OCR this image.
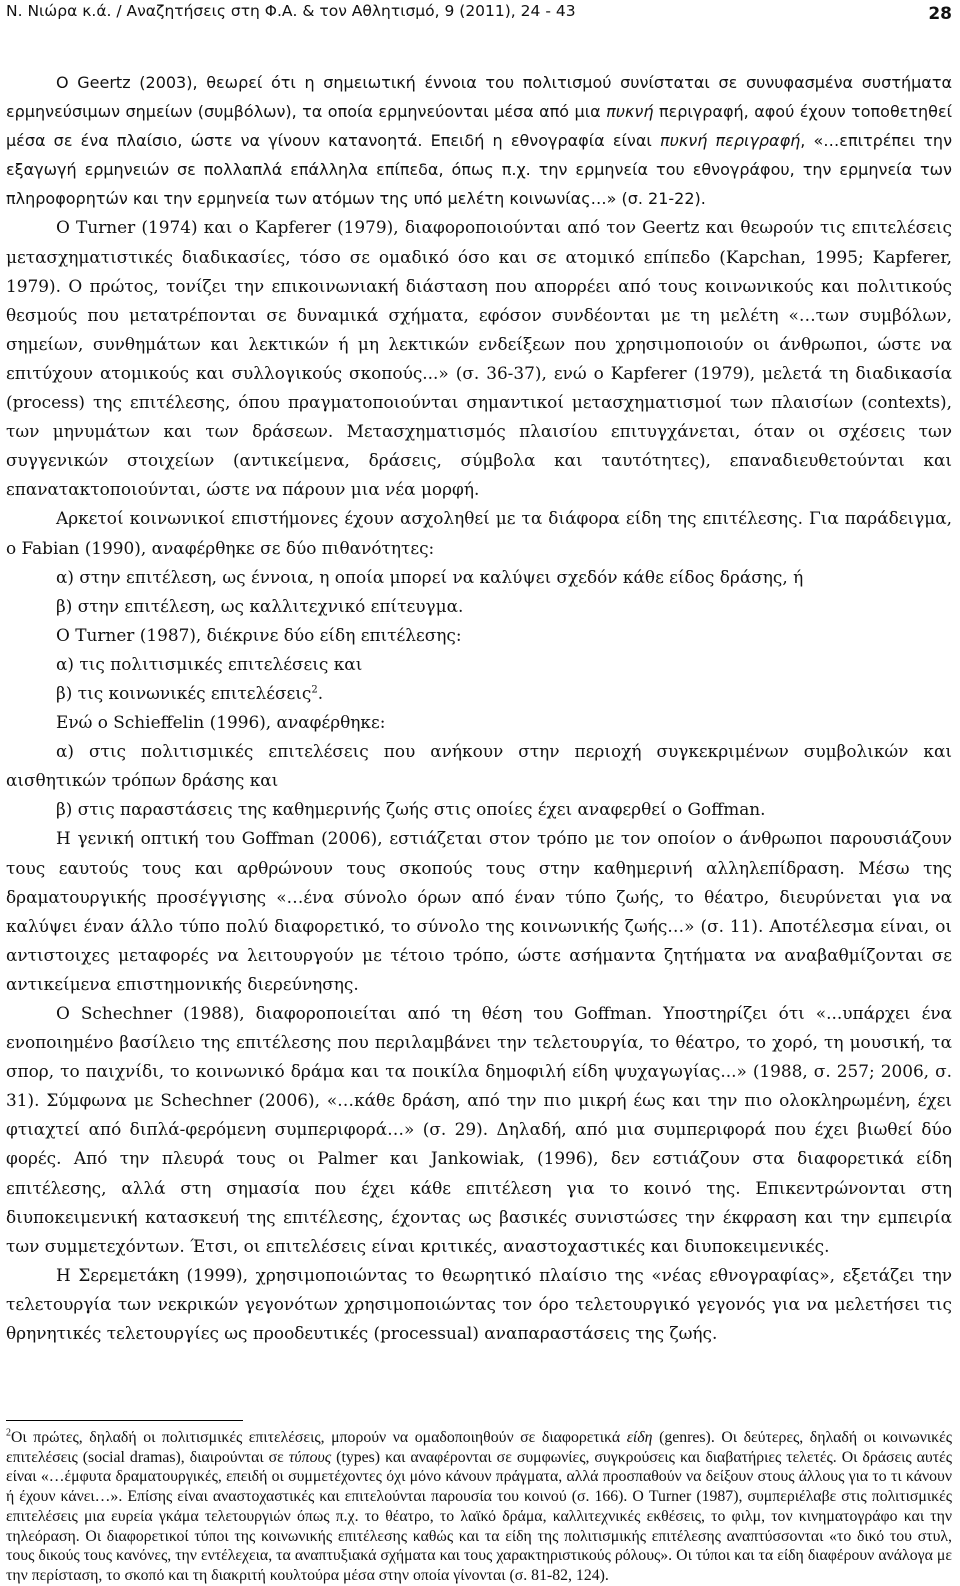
Ν. Νιώρα κ.ά. / Αναζητήσεις στη Φ.Α. & τον Αθλητισμό, 9 (2011), 24 - 43	28

Ο Geertz (2003), θεωρεί ότι η σημειωτική έννοια του πολιτισμού συνίσταται σε συνυφασμένα συστήματα ερμηνεύσιμων σημείων (συμβόλων), τα οποία ερμηνεύονται μέσα από μια πυκνή περιγραφή, αφού έχουν τοποθετηθεί μέσα σε ένα πλαίσιο, ώστε να γίνουν κατανοητά. Επειδή η εθνογραφία είναι πυκνή περιγραφή, «…επιτρέπει την εξαγωγή ερμηνειών σε πολλαπλά επάλληλα επίπεδα, όπως π.χ. την ερμηνεία του εθνογράφου, την ερμηνεία των πληροφορητών και την ερμηνεία των ατόμων της υπό μελέτη κοινωνίας…» (σ. 21-22).

Ο Turner (1974) και ο Kapferer (1979), διαφοροποιούνται από τον Geertz και θεωρούν τις επιτελέσεις μετασχηματιστικές διαδικασίες, τόσο σε ομαδικό όσο και σε ατομικό επίπεδο (Kapchan, 1995; Kapferer, 1979). Ο πρώτος, τονίζει την επικοινωνιακή διάσταση που απορρέει από τους κοινωνικούς και πολιτικούς θεσμούς που μετατρέπονται σε δυναμικά σχήματα, εφόσον συνδέονται με τη μελέτη «…των συμβόλων, σημείων, συνθημάτων και λεκτικών ή μη λεκτικών ενδείξεων που χρησιμοποιούν οι άνθρωποι, ώστε να επιτύχουν ατομικούς και συλλογικούς σκοπούς...» (σ. 36-37), ενώ ο Kapferer (1979), μελετά τη διαδικασία (process) της επιτέλεσης, όπου πραγματοποιούνται σημαντικοί μετασχηματισμοί των πλαισίων (contexts), των μηνυμάτων και των δράσεων. Μετασχηματισμός πλαισίου επιτυγχάνεται, όταν οι σχέσεις των συγγενικών στοιχείων (αντικείμενα, δράσεις, σύμβολα και ταυτότητες), επαναδιευθετούνται και επανατακτοποιούνται, ώστε να πάρουν μια νέα μορφή.

Αρκετοί κοινωνικοί επιστήμονες έχουν ασχοληθεί με τα διάφορα είδη της επιτέλεσης. Για παράδειγμα, ο Fabian (1990), αναφέρθηκε σε δύο πιθανότητες:

α) στην επιτέλεση, ως έννοια, η οποία μπορεί να καλύψει σχεδόν κάθε είδος δράσης, ή

β) στην επιτέλεση, ως καλλιτεχνικό επίτευγμα.

Ο Turner (1987), διέκρινε δύο είδη επιτέλεσης:

α) τις πολιτισμικές επιτελέσεις και

β) τις κοινωνικές επιτελέσεις$^2$.

Ενώ ο Schieffelin (1996), αναφέρθηκε:

α) στις πολιτισμικές επιτελέσεις που ανήκουν στην περιοχή συγκεκριμένων συμβολικών και αισθητικών τρόπων δράσης και

β) στις παραστάσεις της καθημερινής ζωής στις οποίες έχει αναφερθεί ο Goffman.

Η γενική οπτική του Goffman (2006), εστιάζεται στον τρόπο με τον οποίον ο άνθρωποι παρουσιάζουν τους εαυτούς τους και αρθρώνουν τους σκοπούς τους στην καθημερινή αλληλεπίδραση. Μέσω της δραματουργικής προσέγγισης «…ένα σύνολο όρων από έναν τύπο ζωής, το θέατρο, διευρύνεται για να καλύψει έναν άλλο τύπο πολύ διαφορετικό, το σύνολο της κοινωνικής ζωής…» (σ. 11). Αποτέλεσμα είναι, οι αντιστοιχες μεταφορές να λειτουργούν με τέτοιο τρόπο, ώστε ασήμαντα ζητήματα να αναβαθμίζονται σε αντικείμενα επιστημονικής διερεύνησης.

Ο Schechner (1988), διαφοροποιείται από τη θέση του Goffman. Υποστηρίζει ότι «...υπάρχει ένα ενοποιημένο βασίλειο της επιτέλεσης που περιλαμβάνει την τελετουργία, το θέατρο, το χορό, τη μουσική, τα σπορ, το παιχνίδι, το κοινωνικό δράμα και τα ποικίλα δημοφιλή είδη ψυχαγωγίας...» (1988, σ. 257; 2006, σ. 31). Σύμφωνα με Schechner (2006), «…κάθε δράση, από την πιο μικρή έως και την πιο ολοκληρωμένη, έχει φτιαχτεί από διπλά-φερόμενη συμπεριφορά…» (σ. 29). Δηλαδή, από μια συμπεριφορά που έχει βιωθεί δύο φορές. Από την πλευρά τους οι Palmer και Jankowiak, (1996), δεν εστιάζουν στα διαφορετικά είδη επιτέλεσης, αλλά στη σημασία που έχει κάθε επιτέλεση για το κοινό της. Επικεντρώνονται στη διυποκειμενική κατασκευή της επιτέλεσης, έχοντας ως βασικές συνιστώσες την έκφραση και την εμπειρία των συμμετεχόντων. Έτσι, οι επιτελέσεις είναι κριτικές, αναστοχαστικές και διυποκειμενικές.

Η Σερεμετάκη (1999), χρησιμοποιώντας το θεωρητικό πλαίσιο της «νέας εθνογραφίας», εξετάζει την τελετουργία των νεκρικών γεγονότων χρησιμοποιώντας τον όρο τελετουργικό γεγονός για να μελετήσει τις θρηνητικές τελετουργίες ως προοδευτικές (processual) αναπαραστάσεις της ζωής.

$^2$Οι πρώτες, δηλαδή οι πολιτισμικές επιτελέσεις, μπορούν να ομαδοποιηθούν σε διαφορετικά είδη (genres). Οι δεύτερες, δηλαδή οι κοινωνικές επιτελέσεις (social dramas), διαιρούνται σε τύπους (types) και αναφέρονται σε συμφωνίες, συγκρούσεις και διαβατήριες τελετές. Οι δράσεις αυτές είναι «…έμφυτα δραματουργικές, επειδή οι συμμετέχοντες όχι μόνο κάνουν πράγματα, αλλά προσπαθούν να δείξουν στους άλλους για το τι κάνουν ή έχουν κάνει…». Επίσης είναι αναστοχαστικές και επιτελούνται παρουσία του κοινού (σ. 166). Ο Turner (1987), συμπεριέλαβε στις πολιτισμικές επιτελέσεις μια ευρεία γκάμα τελετουργιών όπως π.χ. το θέατρο, το λαϊκό δράμα, καλλιτεχνικές εκθέσεις, το φιλμ, τον κινηματογράφο και την τηλεόραση. Οι διαφορετικοί τύποι της κοινωνικής επιτέλεσης καθώς και τα είδη της πολιτισμικής επιτέλεσης αναπτύσσονται «το δικό του στυλ, τους δικούς τους κανόνες, την εντέλεχεια, τα αναπτυξιακά σχήματα και τους χαρακτηριστικούς ρόλους». Οι τύποι και τα είδη διαφέρουν ανάλογα με την περίσταση, το σκοπό και τη διακριτή κουλτούρα μέσα στην οποία γίνονται (σ. 81-82, 124).
